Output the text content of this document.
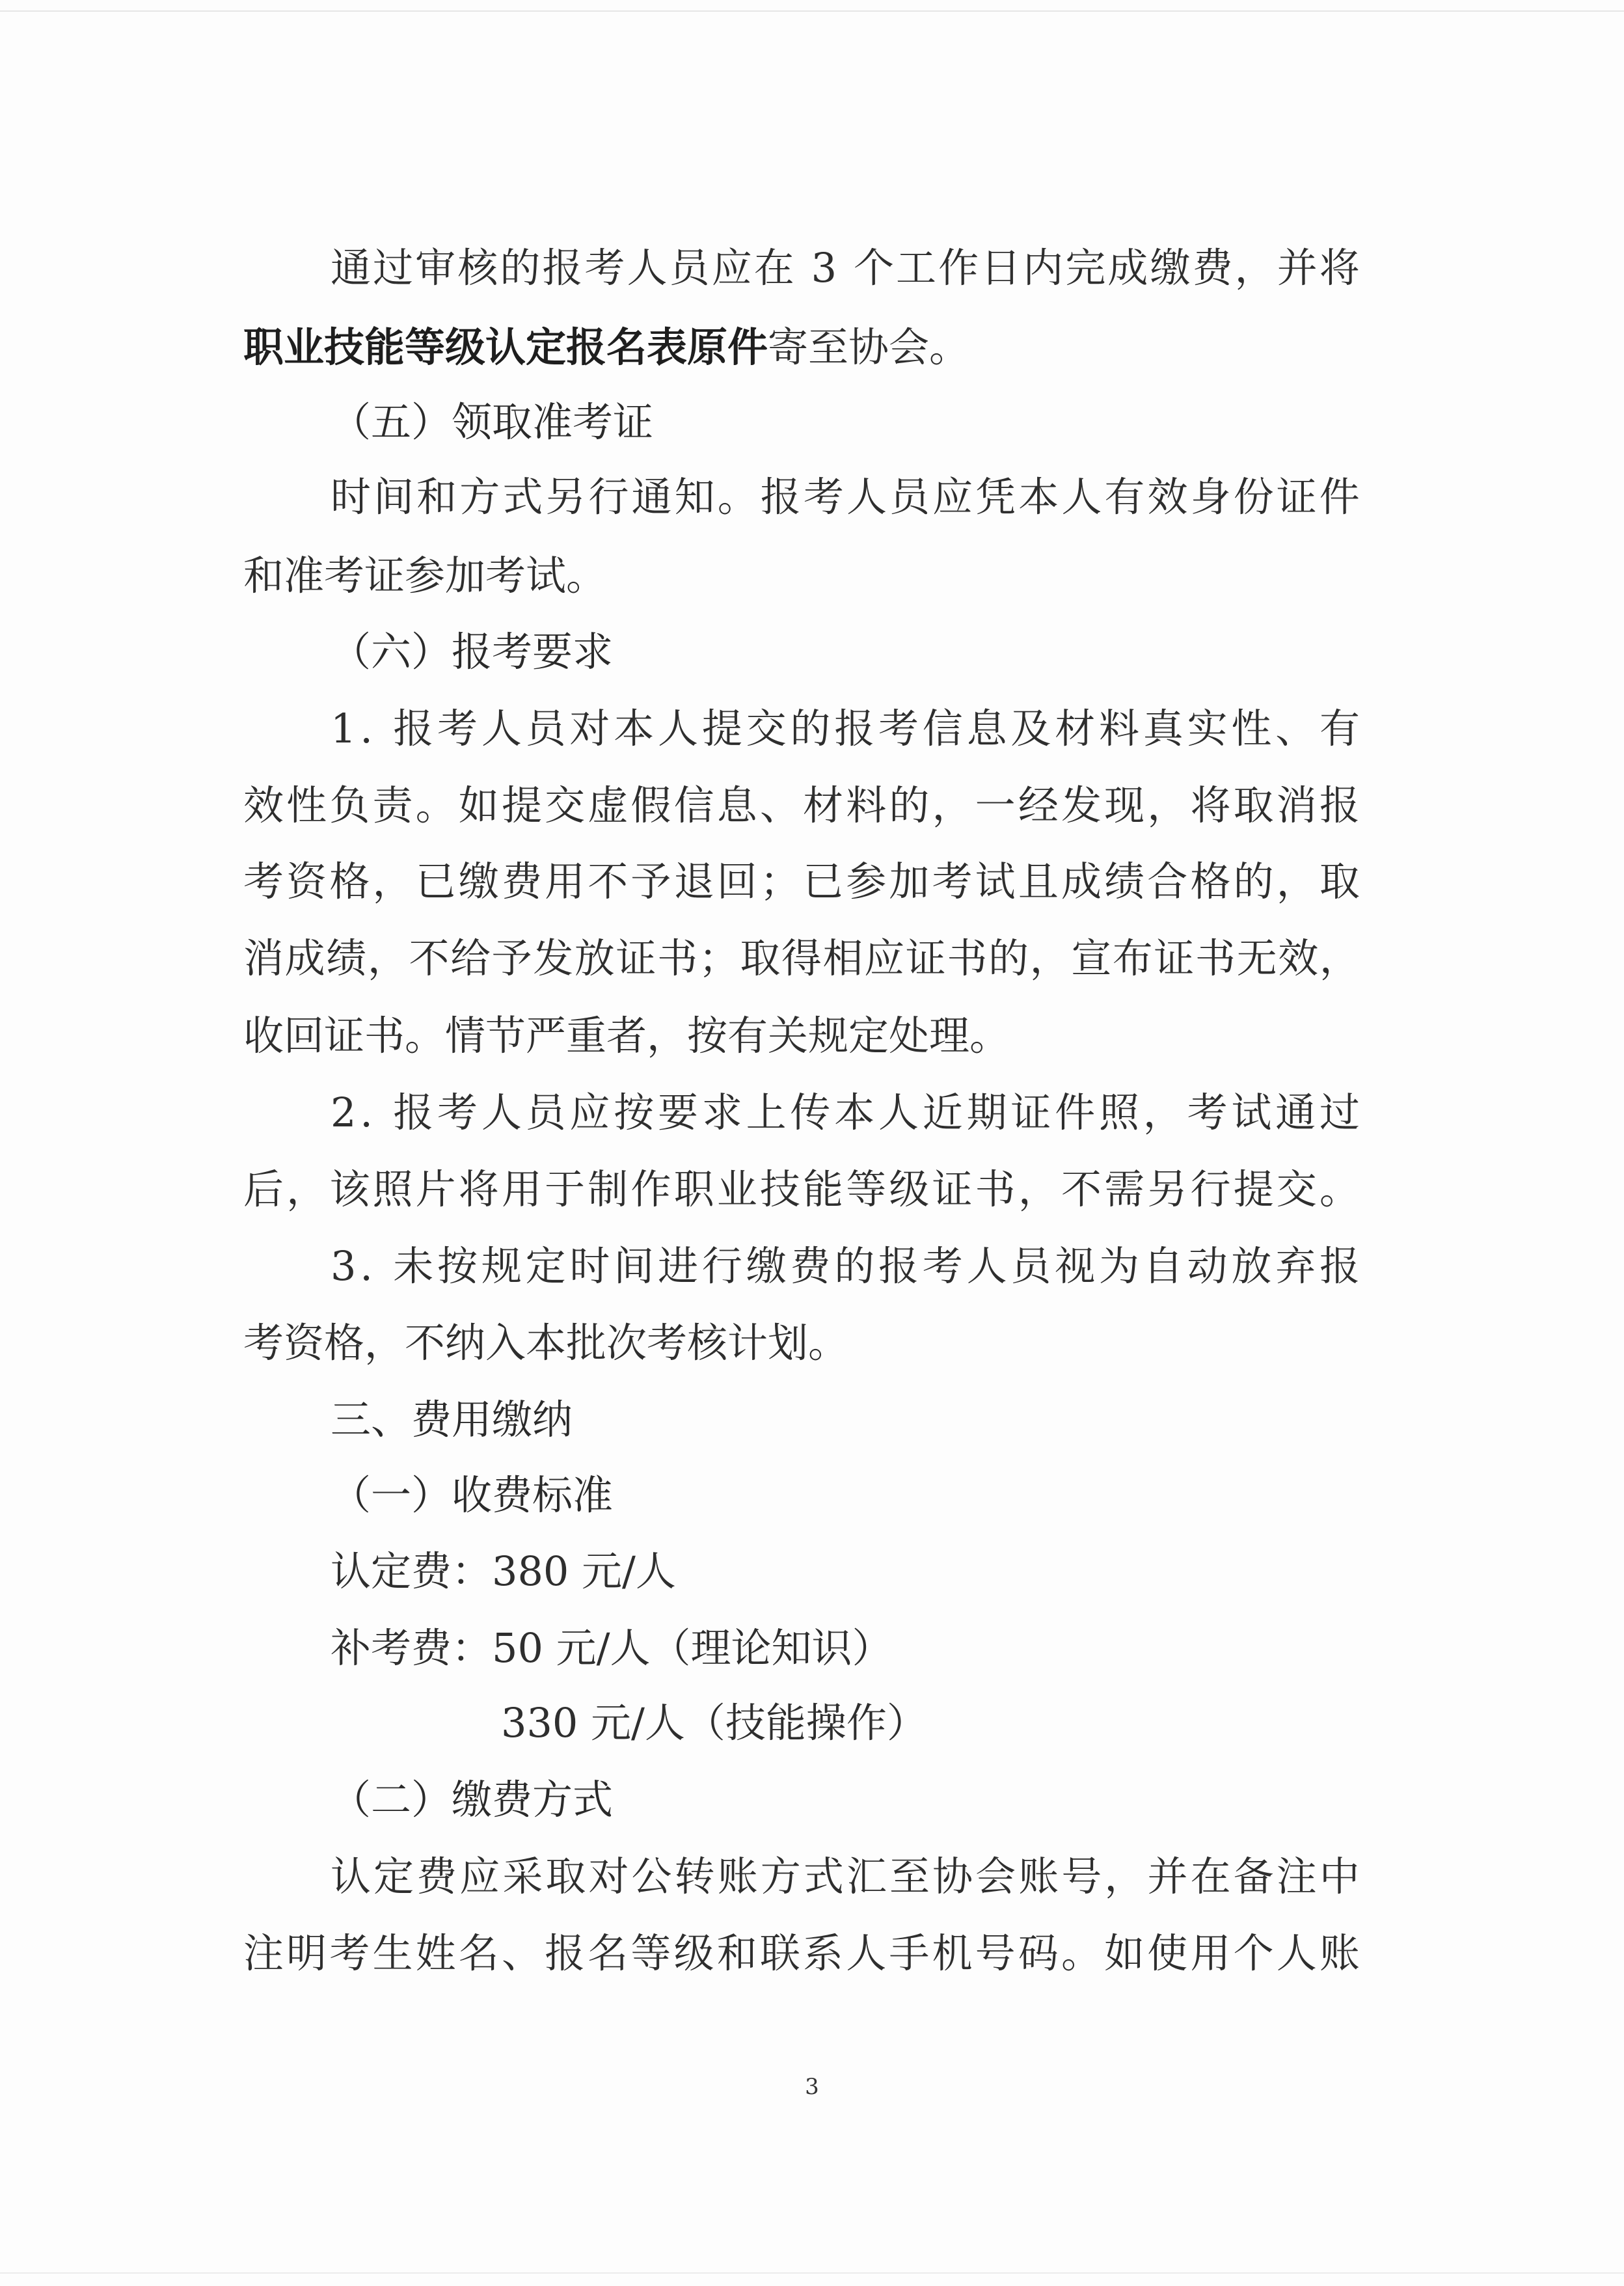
通 过 审 核 的 报 考 人 员 应 在
3
个 工 作 日 内 完 成 缴 费 ， 并 将
职业技能等级认定报名表原件寄至协会。
（五）领取准考证
时 间 和 方 式 另 行 通 知 。 报 考 人 员 应 凭 本 人 有 效 身 份 证 件
和准考证参加考试。
（六）报考要求
1 .
报 考 人 员 对 本 人 提 交 的 报 考 信 息 及 材 料 真 实 性 、 有
效 性 负 责 。 如 提 交 虚 假 信 息 、 材 料 的 ， 一 经 发 现 ， 将 取 消 报
考 资 格 ， 已 缴 费 用 不 予 退 回 ； 已 参 加 考 试 且 成 绩 合 格 的 ， 取
消 成 绩 ， 不 给 予 发 放 证 书 ； 取 得 相 应 证 书 的 ， 宣 布 证 书 无 效 ，
收回证书。情节严重者，按有关规定处理。
2 .
报 考 人 员 应 按 要 求 上 传 本 人 近 期 证 件 照 ， 考 试 通 过
后 ， 该 照 片 将 用 于 制 作 职 业 技 能 等 级 证 书 ， 不 需 另 行 提 交 。
3 .
未 按 规 定 时 间 进 行 缴 费 的 报 考 人 员 视 为 自 动 放 弃 报
考资格，不纳入本批次考核计划。
三、费用缴纳
（一）收费标准
认定费：380 元/人
补考费：50 元/人（理论知识）
330 元/人（技能操作）
（二）缴费方式
认 定 费 应 采 取 对 公 转 账 方 式 汇 至 协 会 账 号 ， 并 在 备 注 中
注 明 考 生 姓 名 、 报 名 等 级 和 联 系 人 手 机 号 码 。 如 使 用 个 人 账
3
